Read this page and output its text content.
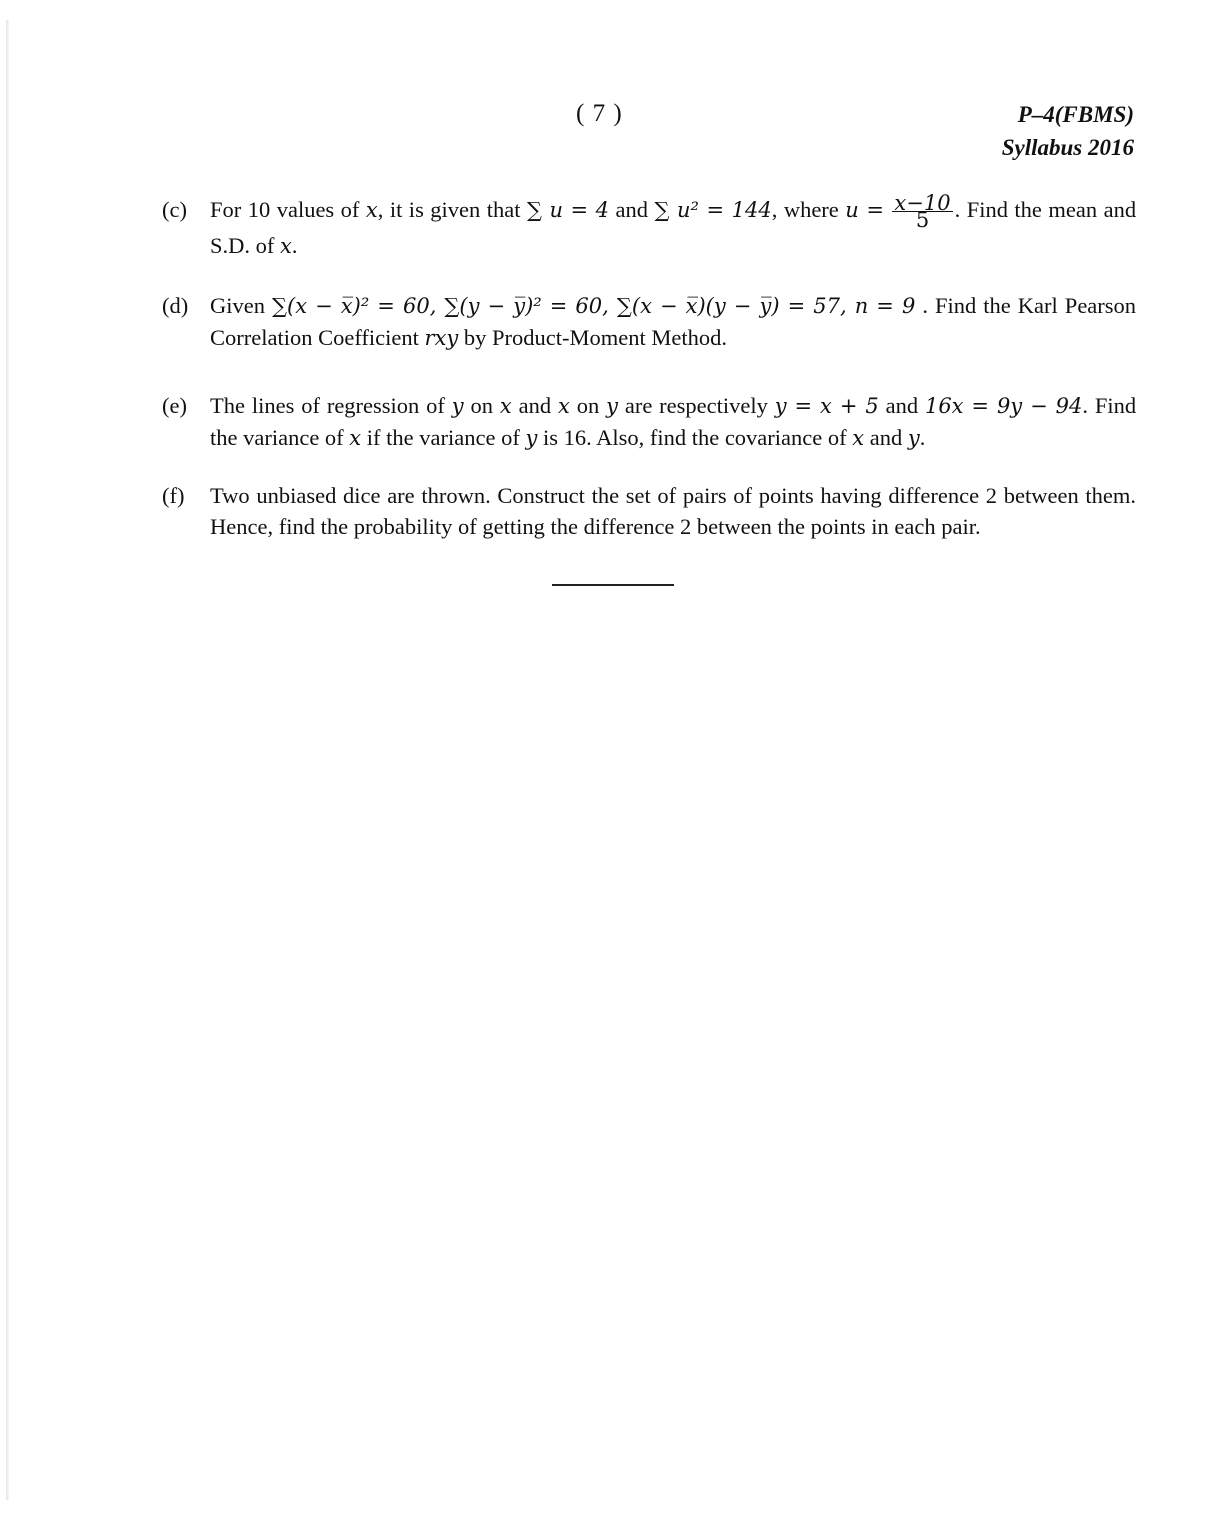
( 7 )	P–4(FBMS)
Syllabus 2016
(c) For 10 values of x, it is given that ∑ u = 4 and ∑ u² = 144, where $u = \frac{x-10}{5}$ . Find the mean and S.D. of x.
(d) Given ∑(x − x̅)² = 60, ∑(y − y̅)² = 60, ∑(x − x̅)(y − y̅) = 57, n = 9 . Find the Karl Pearson Correlation Coefficient rxy by Product-Moment Method.
(e) The lines of regression of y on x and x on y are respectively y = x + 5 and 16x = 9y − 94. Find the variance of x if the variance of y is 16. Also, find the covariance of x and y.
(f) Two unbiased dice are thrown. Construct the set of pairs of points having difference 2 between them. Hence, find the probability of getting the difference 2 between the points in each pair.
